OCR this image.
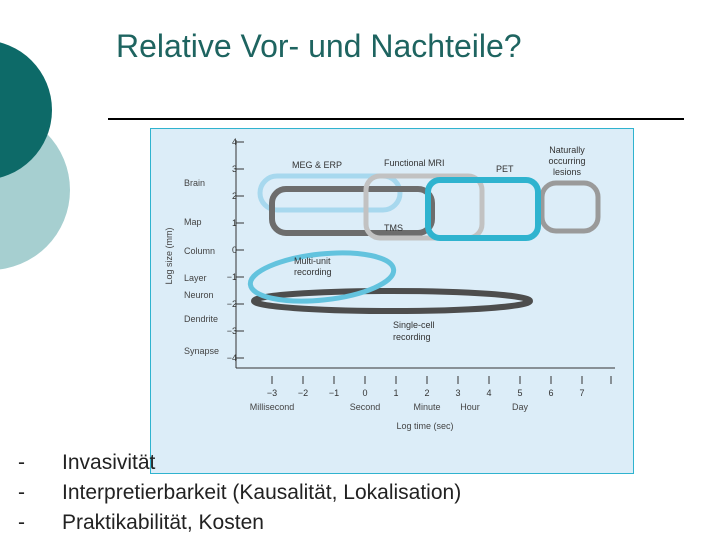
Relative Vor- und Nachteile?
4
3
2
1
0
−1
−2
−3
−4
Brain
Map
Column
Layer
Neuron
Dendrite
Synapse
Log size (mm)
−3 −2 −1	0	1	2	3	4	5	6	7
Millisecond	Second	Minute Hour	Day
Log time (sec)
MEG & ERP	Functional MRI
PET
Naturally
occurring
lesions
TMS
Multi-unit
recording
Single-cell
recording
-	Invasivität
-	Interpretierbarkeit (Kausalität, Lokalisation)
-	Praktikabilität, Kosten
